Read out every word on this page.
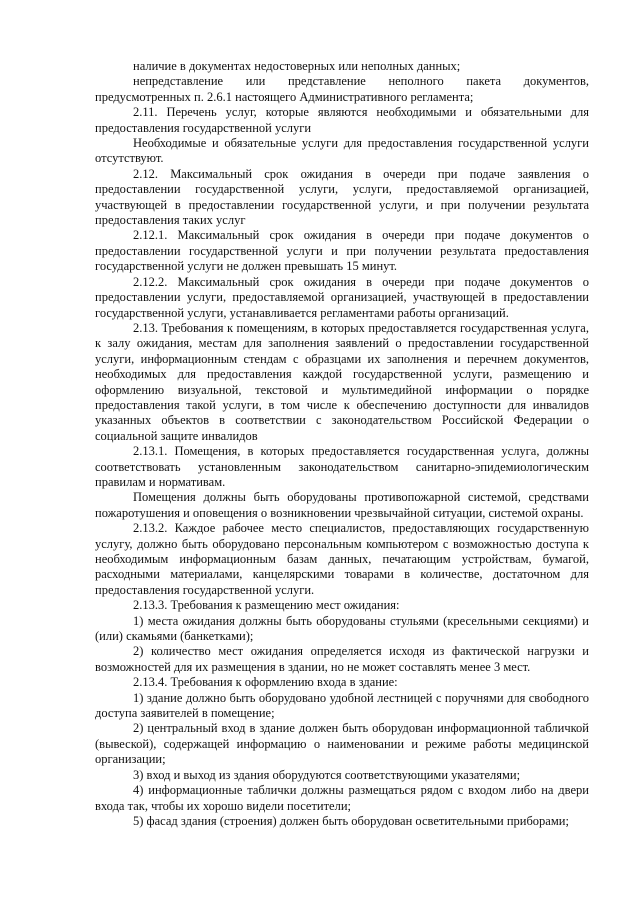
наличие в документах недостоверных или неполных данных;

непредставление или представление неполного пакета документов, предусмотренных п. 2.6.1 настоящего Административного регламента;

2.11. Перечень услуг, которые являются необходимыми и обязательными для предоставления государственной услуги

Необходимые и обязательные услуги для предоставления государственной услуги отсутствуют.

2.12. Максимальный срок ожидания в очереди при подаче заявления о предоставлении государственной услуги, услуги, предоставляемой организацией, участвующей в предоставлении государственной услуги, и при получении результата предоставления таких услуг

2.12.1. Максимальный срок ожидания в очереди при подаче документов о предоставлении государственной услуги и при получении результата предоставления государственной услуги не должен превышать 15 минут.

2.12.2. Максимальный срок ожидания в очереди при подаче документов о предоставлении услуги, предоставляемой организацией, участвующей в предоставлении государственной услуги, устанавливается регламентами работы организаций.

2.13. Требования к помещениям, в которых предоставляется государственная услуга, к залу ожидания, местам для заполнения заявлений о предоставлении государственной услуги, информационным стендам с образцами их заполнения и перечнем документов, необходимых для предоставления каждой государственной услуги, размещению и оформлению визуальной, текстовой и мультимедийной информации о порядке предоставления такой услуги, в том числе к обеспечению доступности для инвалидов указанных объектов в соответствии с законодательством Российской Федерации о социальной защите инвалидов

2.13.1. Помещения, в которых предоставляется государственная услуга, должны соответствовать установленным законодательством санитарно-эпидемиологическим правилам и нормативам.

Помещения должны быть оборудованы противопожарной системой, средствами пожаротушения и оповещения о возникновении чрезвычайной ситуации, системой охраны.

2.13.2. Каждое рабочее место специалистов, предоставляющих государственную услугу, должно быть оборудовано персональным компьютером с возможностью доступа к необходимым информационным базам данных, печатающим устройствам, бумагой, расходными материалами, канцелярскими товарами в количестве, достаточном для предоставления государственной услуги.

2.13.3. Требования к размещению мест ожидания:

1) места ожидания должны быть оборудованы стульями (кресельными секциями) и (или) скамьями (банкетками);

2) количество мест ожидания определяется исходя из фактической нагрузки и возможностей для их размещения в здании, но не может составлять менее 3 мест.

2.13.4. Требования к оформлению входа в здание:

1) здание должно быть оборудовано удобной лестницей с поручнями для свободного доступа заявителей в помещение;

2) центральный вход в здание должен быть оборудован информационной табличкой (вывеской), содержащей информацию о наименовании и режиме работы медицинской организации;

3) вход и выход из здания оборудуются соответствующими указателями;

4) информационные таблички должны размещаться рядом с входом либо на двери входа так, чтобы их хорошо видели посетители;

5) фасад здания (строения) должен быть оборудован осветительными приборами;
